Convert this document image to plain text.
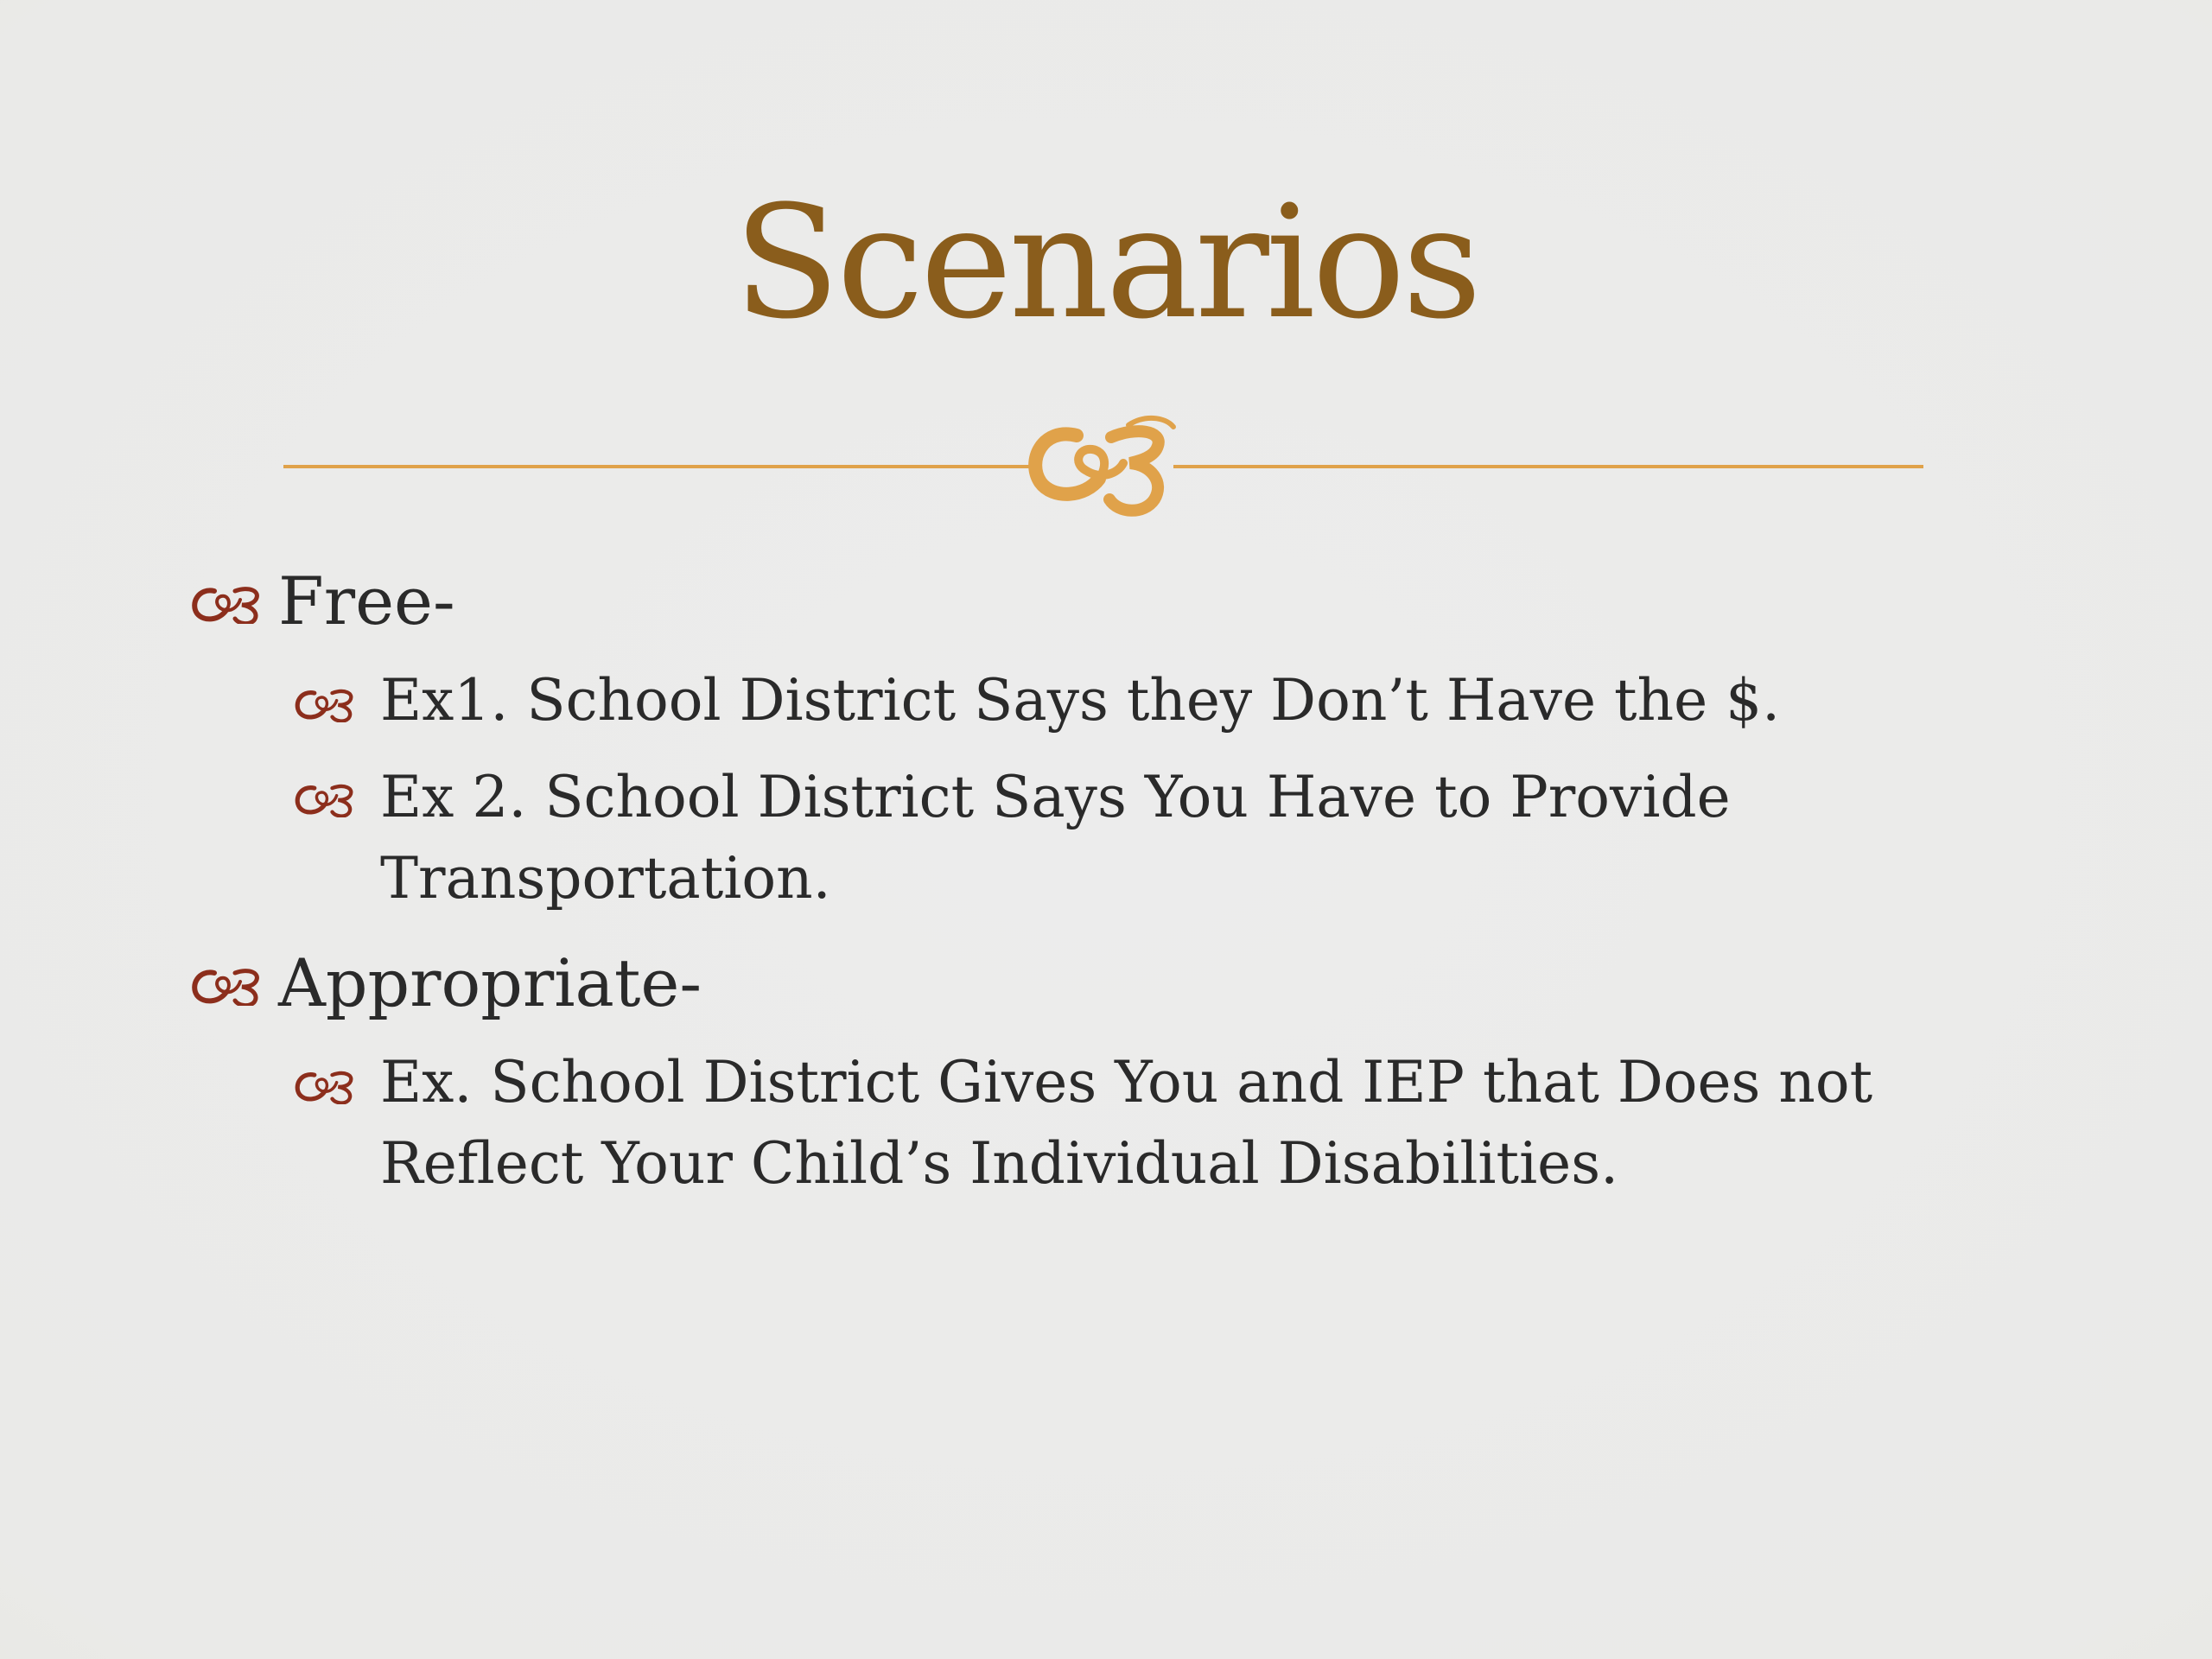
Scenarios

Free-

Ex1. School District Says they Don’t Have the $.

Ex 2. School District Says You Have to Provide

Transportation.

Appropriate-

Ex. School District Gives You and IEP that Does not

Reflect Your Child’s Individual Disabilities.
